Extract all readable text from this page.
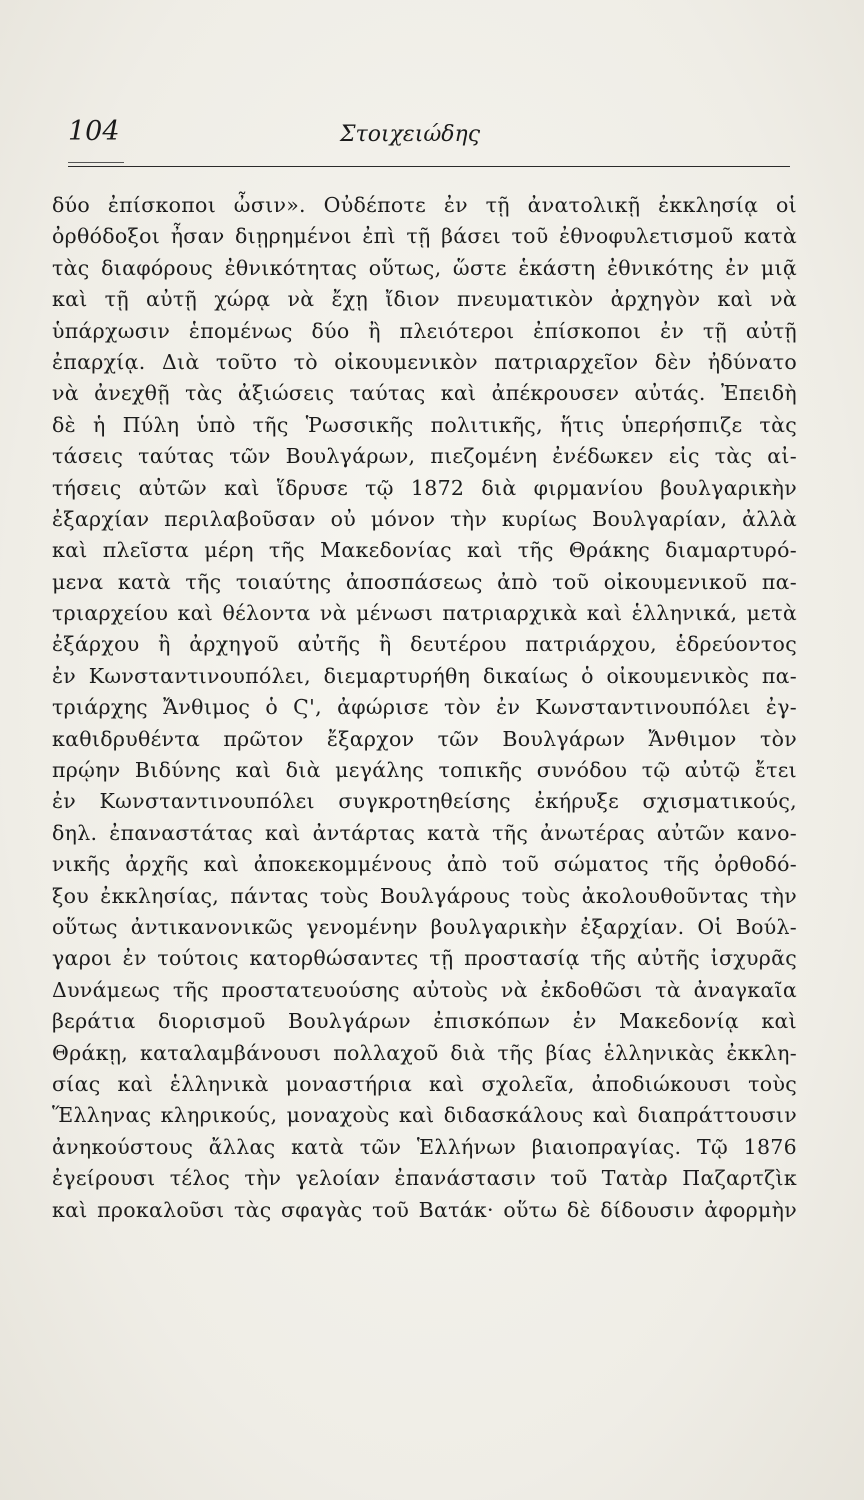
104	Στοιχειώδης
δύο ἐπίσκοποι ὦσιν». Οὐδέποτε ἐν τῇ ἀνατολικῇ ἐκκλησίᾳ οἱ
ὀρθόδοξοι ἦσαν διῃρημένοι ἐπὶ τῇ βάσει τοῦ ἐθνοφυλετισμοῦ κατὰ
τὰς διαφόρους ἐθνικότητας οὕτως, ὥστε ἑκάστη ἐθνικότης ἐν μιᾷ
καὶ τῇ αὐτῇ χώρᾳ νὰ ἔχῃ ἴδιον πνευματικὸν ἀρχηγὸν καὶ νὰ
ὑπάρχωσιν ἑπομένως δύο ἢ πλειότεροι ἐπίσκοποι ἐν τῇ αὐτῇ
ἐπαρχίᾳ. Διὰ τοῦτο τὸ οἰκουμενικὸν πατριαρχεῖον δὲν ἠδύνατο
νὰ ἀνεχθῇ τὰς ἀξιώσεις ταύτας καὶ ἀπέκρουσεν αὐτάς. Ἐπειδὴ
δὲ ἡ Πύλη ὑπὸ τῆς Ῥωσσικῆς πολιτικῆς, ἥτις ὑπερήσπιζε τὰς
τάσεις ταύτας τῶν Βουλγάρων, πιεζομένη ἐνέδωκεν εἰς τὰς αἰ-
τήσεις αὐτῶν καὶ ἵδρυσε τῷ 1872 διὰ φιρμανίου βουλγαρικὴν
ἐξαρχίαν περιλαβοῦσαν οὐ μόνον τὴν κυρίως Βουλγαρίαν, ἀλλὰ
καὶ πλεῖστα μέρη τῆς Μακεδονίας καὶ τῆς Θράκης διαμαρτυρό-
μενα κατὰ τῆς τοιαύτης ἀποσπάσεως ἀπὸ τοῦ οἰκουμενικοῦ πα-
τριαρχείου καὶ θέλοντα νὰ μένωσι πατριαρχικὰ καὶ ἑλληνικά, μετὰ
ἐξάρχου ἢ ἀρχηγοῦ αὐτῆς ἢ δευτέρου πατριάρχου, ἑδρεύοντος
ἐν Κωνσταντινουπόλει, διεμαρτυρήθη δικαίως ὁ οἰκουμενικὸς πα-
τριάρχης Ἄνθιμος ὁ Ϛ', ἀφώρισε τὸν ἐν Κωνσταντινουπόλει ἐγ-
καθιδρυθέντα πρῶτον ἔξαρχον τῶν Βουλγάρων Ἄνθιμον τὸν
πρῴην Βιδύνης καὶ διὰ μεγάλης τοπικῆς συνόδου τῷ αὐτῷ ἔτει
ἐν Κωνσταντινουπόλει συγκροτηθείσης ἐκήρυξε σχισματικούς,
δηλ. ἐπαναστάτας καὶ ἀντάρτας κατὰ τῆς ἀνωτέρας αὐτῶν κανο-
νικῆς ἀρχῆς καὶ ἀποκεκομμένους ἀπὸ τοῦ σώματος τῆς ὀρθοδό-
ξου ἐκκλησίας, πάντας τοὺς Βουλγάρους τοὺς ἀκολουθοῦντας τὴν
οὕτως ἀντικανονικῶς γενομένην βουλγαρικὴν ἐξαρχίαν. Οἱ Βούλ-
γαροι ἐν τούτοις κατορθώσαντες τῇ προστασίᾳ τῆς αὐτῆς ἰσχυρᾶς
Δυνάμεως τῆς προστατευούσης αὐτοὺς νὰ ἐκδοθῶσι τὰ ἀναγκαῖα
βεράτια διορισμοῦ Βουλγάρων ἐπισκόπων ἐν Μακεδονίᾳ καὶ
Θράκῃ, καταλαμβάνουσι πολλαχοῦ διὰ τῆς βίας ἑλληνικὰς ἐκκλη-
σίας καὶ ἑλληνικὰ μοναστήρια καὶ σχολεῖα, ἀποδιώκουσι τοὺς
Ἕλληνας κληρικούς, μοναχοὺς καὶ διδασκάλους καὶ διαπράττουσιν
ἀνηκούστους ἄλλας κατὰ τῶν Ἑλλήνων βιαιοπραγίας. Τῷ 1876
ἐγείρουσι τέλος τὴν γελοίαν ἐπανάστασιν τοῦ Τατὰρ Παζαρτζὶκ
καὶ προκαλοῦσι τὰς σφαγὰς τοῦ Βατάκ· οὕτω δὲ δίδουσιν ἀφορμὴν
